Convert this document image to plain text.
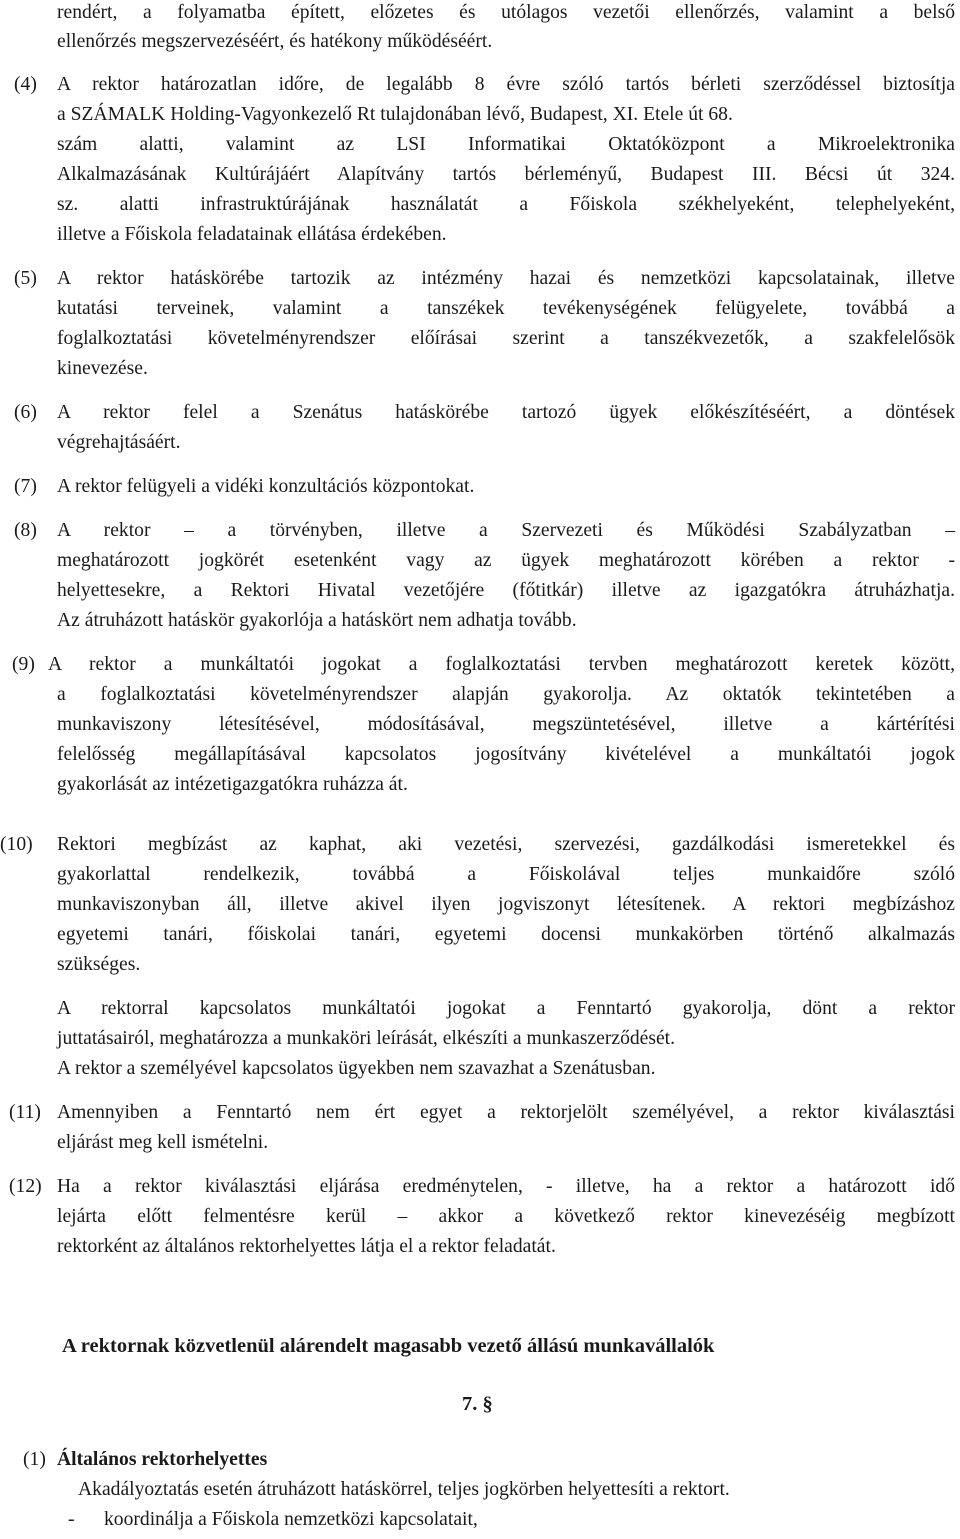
rendért, a folyamatba épített, előzetes és utólagos vezetői ellenőrzés, valamint a belső
ellenőrzés megszervezéséért, és hatékony működéséért.
(4) A rektor határozatlan időre, de legalább 8 évre szóló tartós bérleti szerződéssel biztosítja
a SZÁMALK Holding-Vagyonkezelő Rt tulajdonában lévő, Budapest, XI. Etele út 68.
szám alatti, valamint az LSI Informatikai Oktatóközpont a Mikroelektronika
Alkalmazásának Kultúrájáért Alapítvány tartós bérleményű, Budapest III. Bécsi út 324.
sz. alatti infrastruktúrájának használatát a Főiskola székhelyeként, telephelyeként,
illetve a Főiskola feladatainak ellátása érdekében.
(5) A rektor hatáskörébe tartozik az intézmény hazai és nemzetközi kapcsolatainak, illetve
kutatási terveinek, valamint a tanszékek tevékenységének felügyelete, továbbá a
foglalkoztatási követelményrendszer előírásai szerint a tanszékvezetők, a szakfelelősök
kinevezése.
(6) A rektor felel a Szenátus hatáskörébe tartozó ügyek előkészítéséért, a döntések
végrehajtásáért.
(7) A rektor felügyeli a vidéki konzultációs központokat.
(8) A rektor – a törvényben, illetve a Szervezeti és Működési Szabályzatban –
meghatározott jogkörét esetenként vagy az ügyek meghatározott körében a rektor -
helyettesekre, a Rektori Hivatal vezetőjére (főtitkár) illetve az igazgatókra átruházhatja.
Az átruházott hatáskör gyakorlója a hatáskört nem adhatja tovább.
(9) A rektor a munkáltatói jogokat a foglalkoztatási tervben meghatározott keretek között,
a foglalkoztatási követelményrendszer alapján gyakorolja. Az oktatók tekintetében a
munkaviszony létesítésével, módosításával, megszüntetésével, illetve a kártérítési
felelősség megállapításával kapcsolatos jogosítvány kivételével a munkáltatói jogok
gyakorlását az intézetigazgatókra ruházza át.
(10) Rektori megbízást az kaphat, aki vezetési, szervezési, gazdálkodási ismeretekkel és
gyakorlattal rendelkezik, továbbá a Főiskolával teljes munkaidőre szóló
munkaviszonyban áll, illetve akivel ilyen jogviszonyt létesítenek. A rektori megbízáshoz
egyetemi tanári, főiskolai tanári, egyetemi docensi munkakörben történő alkalmazás
szükséges.
A rektorral kapcsolatos munkáltatói jogokat a Fenntartó gyakorolja, dönt a rektor
juttatásairól, meghatározza a munkaköri leírását, elkészíti a munkaszerződését.
A rektor a személyével kapcsolatos ügyekben nem szavazhat a Szenátusban.
(11) Amennyiben a Fenntartó nem ért egyet a rektorjelölt személyével, a rektor kiválasztási
eljárást meg kell ismételni.
(12) Ha a rektor kiválasztási eljárása eredménytelen, - illetve, ha a rektor a határozott idő
lejárta előtt felmentésre kerül – akkor a következő rektor kinevezéséig megbízott
rektorként az általános rektorhelyettes látja el a rektor feladatát.
A rektornak közvetlenül alárendelt magasabb vezető állású munkavállalók
7. §
(1) Általános rektorhelyettes
Akadályoztatás esetén átruházott hatáskörrel, teljes jogkörben helyettesíti a rektort.
- koordinálja a Főiskola nemzetközi kapcsolatait,
